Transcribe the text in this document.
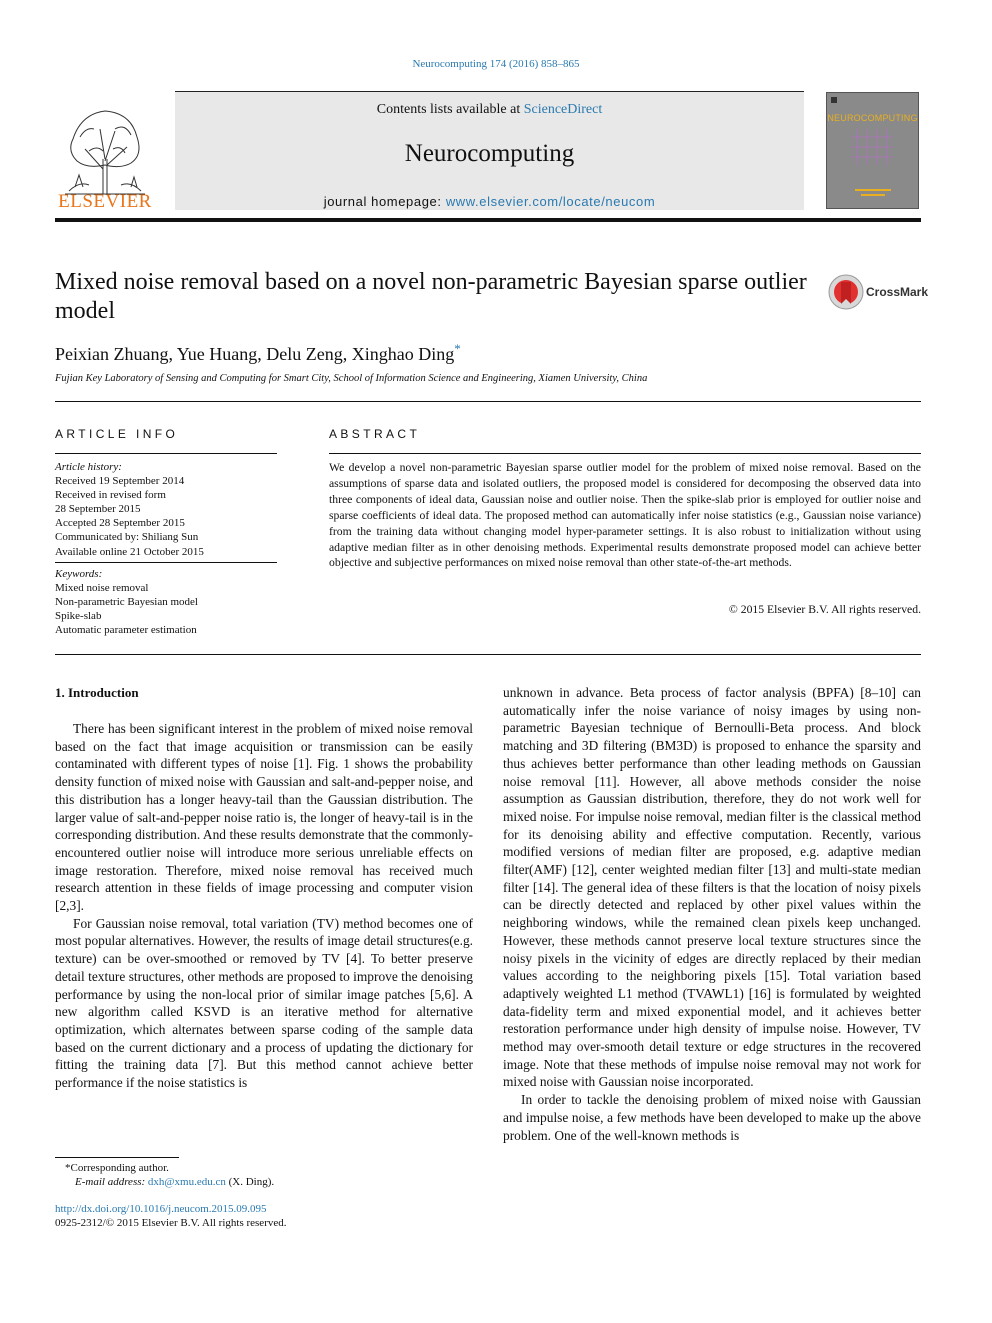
Neurocomputing 174 (2016) 858–865
ELSEVIER
Contents lists available at ScienceDirect
Neurocomputing
journal homepage: www.elsevier.com/locate/neucom
NEUROCOMPUTING
Mixed noise removal based on a novel non-parametric Bayesian sparse outlier model
CrossMark
Peixian Zhuang, Yue Huang, Delu Zeng, Xinghao Ding*
Fujian Key Laboratory of Sensing and Computing for Smart City, School of Information Science and Engineering, Xiamen University, China
ARTICLE INFO	ABSTRACT
Article history:
Received 19 September 2014
Received in revised form
28 September 2015
Accepted 28 September 2015
Communicated by: Shiliang Sun
Available online 21 October 2015
Keywords:
Mixed noise removal
Non-parametric Bayesian model
Spike-slab
Automatic parameter estimation
We develop a novel non-parametric Bayesian sparse outlier model for the problem of mixed noise removal. Based on the assumptions of sparse data and isolated outliers, the proposed model is considered for decomposing the observed data into three components of ideal data, Gaussian noise and outlier noise. Then the spike-slab prior is employed for outlier noise and sparse coefficients of ideal data. The proposed method can automatically infer noise statistics (e.g., Gaussian noise variance) from the training data without changing model hyper-parameter settings. It is also robust to initialization without using adaptive median filter as in other denoising methods. Experimental results demonstrate proposed model can achieve better objective and subjective performances on mixed noise removal than other state-of-the-art methods.
© 2015 Elsevier B.V. All rights reserved.
1. Introduction

There has been significant interest in the problem of mixed noise removal based on the fact that image acquisition or transmission can be easily contaminated with different types of noise [1]. Fig. 1 shows the probability density function of mixed noise with Gaussian and salt-and-pepper noise, and this distribution has a longer heavy-tail than the Gaussian distribution. The larger value of salt-and-pepper noise ratio is, the longer of heavy-tail is in the corresponding distribution. And these results demonstrate that the commonly-encountered outlier noise will introduce more serious unreliable effects on image restoration. Therefore, mixed noise removal has received much research attention in these fields of image processing and computer vision [2,3].

For Gaussian noise removal, total variation (TV) method becomes one of most popular alternatives. However, the results of image detail structures(e.g. texture) can be over-smoothed or removed by TV [4]. To better preserve detail texture structures, other methods are proposed to improve the denoising performance by using the non-local prior of similar image patches [5,6]. A new algorithm called KSVD is an iterative method for alternative optimization, which alternates between sparse coding of the sample data based on the current dictionary and a process of updating the dictionary for fitting the training data [7]. But this method cannot achieve better performance if the noise statistics is

unknown in advance. Beta process of factor analysis (BPFA) [8–10] can automatically infer the noise variance of noisy images by using non-parametric Bayesian technique of Bernoulli-Beta process. And block matching and 3D filtering (BM3D) is proposed to enhance the sparsity and thus achieves better performance than other leading methods on Gaussian noise removal [11]. However, all above methods consider the noise assumption as Gaussian distribution, therefore, they do not work well for mixed noise. For impulse noise removal, median filter is the classical method for its denoising ability and effective computation. Recently, various modified versions of median filter are proposed, e.g. adaptive median filter(AMF) [12], center weighted median filter [13] and multi-state median filter [14]. The general idea of these filters is that the location of noisy pixels can be directly detected and replaced by other pixel values within the neighboring windows, while the remained clean pixels keep unchanged. However, these methods cannot preserve local texture structures since the noisy pixels in the vicinity of edges are directly replaced by their median values according to the neighboring pixels [15]. Total variation based adaptively weighted L1 method (TVAWL1) [16] is formulated by weighted data-fidelity term and mixed exponential model, and it achieves better restoration performance under high density of impulse noise. However, TV method may over-smooth detail texture or edge structures in the recovered image. Note that these methods of impulse noise removal may not work for mixed noise with Gaussian noise incorporated.

In order to tackle the denoising problem of mixed noise with Gaussian and impulse noise, a few methods have been developed to make up the above problem. One of the well-known methods is

*Corresponding author.
E-mail address: dxh@xmu.edu.cn (X. Ding).
http://dx.doi.org/10.1016/j.neucom.2015.09.095
0925-2312/© 2015 Elsevier B.V. All rights reserved.
